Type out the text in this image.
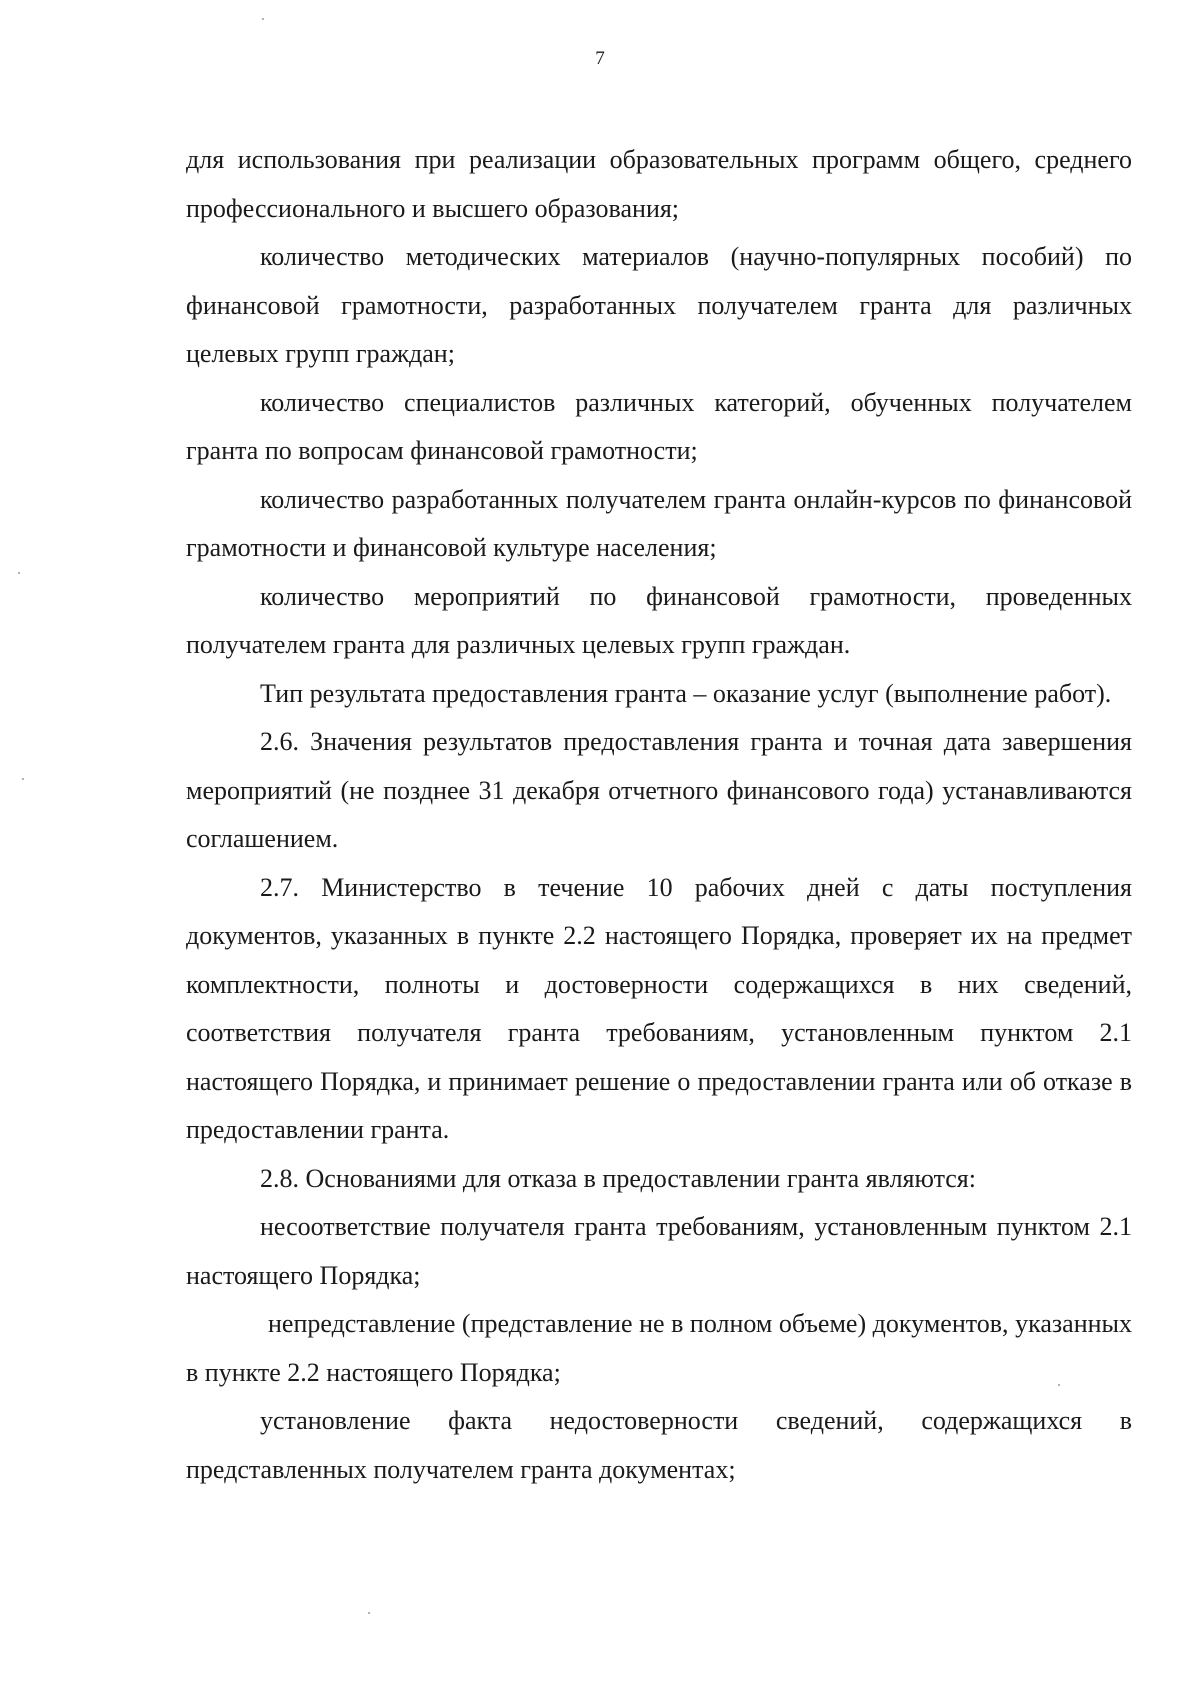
7

для использования при реализации образовательных программ общего, среднего профессионального и высшего образования;

количество методических материалов (научно-популярных пособий) по финансовой грамотности, разработанных получателем гранта для различных целевых групп граждан;

количество специалистов различных категорий, обученных получателем гранта по вопросам финансовой грамотности;

количество разработанных получателем гранта онлайн-курсов по финансовой грамотности и финансовой культуре населения;

количество мероприятий по финансовой грамотности, проведенных получателем гранта для различных целевых групп граждан.

Тип результата предоставления гранта – оказание услуг (выполнение работ).

2.6. Значения результатов предоставления гранта и точная дата завершения мероприятий (не позднее 31 декабря отчетного финансового года) устанавливаются соглашением.

2.7. Министерство в течение 10 рабочих дней с даты поступления документов, указанных в пункте 2.2 настоящего Порядка, проверяет их на предмет комплектности, полноты и достоверности содержащихся в них сведений, соответствия получателя гранта требованиям, установленным пунктом 2.1 настоящего Порядка, и принимает решение о предоставлении гранта или об отказе в предоставлении гранта.

2.8. Основаниями для отказа в предоставлении гранта являются:

несоответствие получателя гранта требованиям, установленным пунктом 2.1 настоящего Порядка;

непредставление (представление не в полном объеме) документов, указанных в пункте 2.2 настоящего Порядка;

установление факта недостоверности сведений, содержащихся в представленных получателем гранта документах;
